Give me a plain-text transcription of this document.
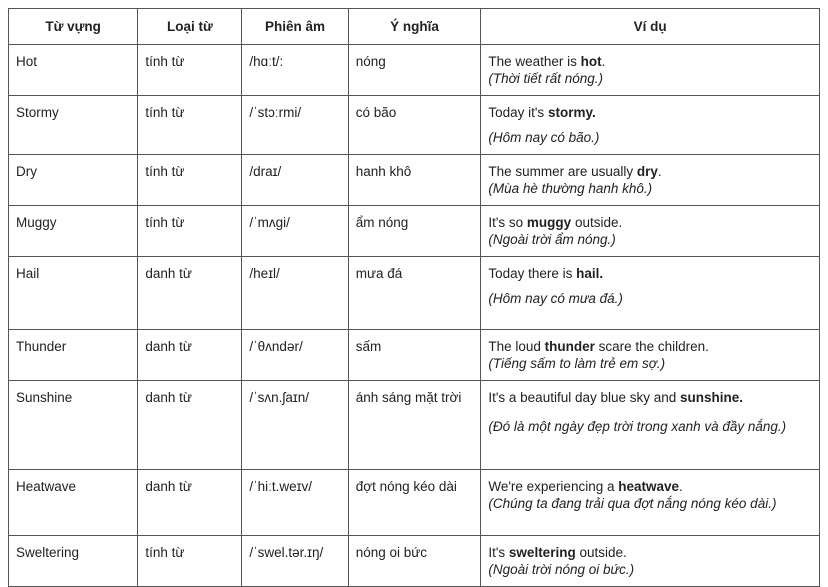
Từ vựng	Loại từ	Phiên âm	Ý nghĩa	Ví dụ
Hot	tính từ	/hɑːt/:	nóng	The weather is hot.
(Thời tiết rất nóng.)

Stormy	tính từ	/ˈstɔːrmi/	có bão	Today it's stormy.
(Hôm nay có bão.)

Dry	tính từ	/draɪ/	hanh khô	The summer are usually dry.
(Mùa hè thường hanh khô.)

Muggy	tính từ	/ˈmʌgi/	ẩm nóng	It's so muggy outside.
(Ngoài trời ẩm nóng.)

Hail	danh từ	/heɪl/	mưa đá	Today there is hail.
(Hôm nay có mưa đá.)

Thunder	danh từ	/ˈθʌndər/	sấm	The loud thunder scare the children.
(Tiếng sấm to làm trẻ em sợ.)

Sunshine	danh từ	/ˈsʌn.ʃaɪn/	ánh sáng mặt trời	It's a beautiful day blue sky and sunshine.
(Đó là một ngày đẹp trời trong xanh và đầy nắng.)

Heatwave	danh từ	/ˈhiːt.weɪv/	đợt nóng kéo dài	We're experiencing a heatwave.
(Chúng ta đang trải qua đợt nắng nóng kéo dài.)

Sweltering	tính từ	/ˈswel.tər.ɪŋ/	nóng oi bức	It's sweltering outside.
(Ngoài trời nóng oi bức.)
